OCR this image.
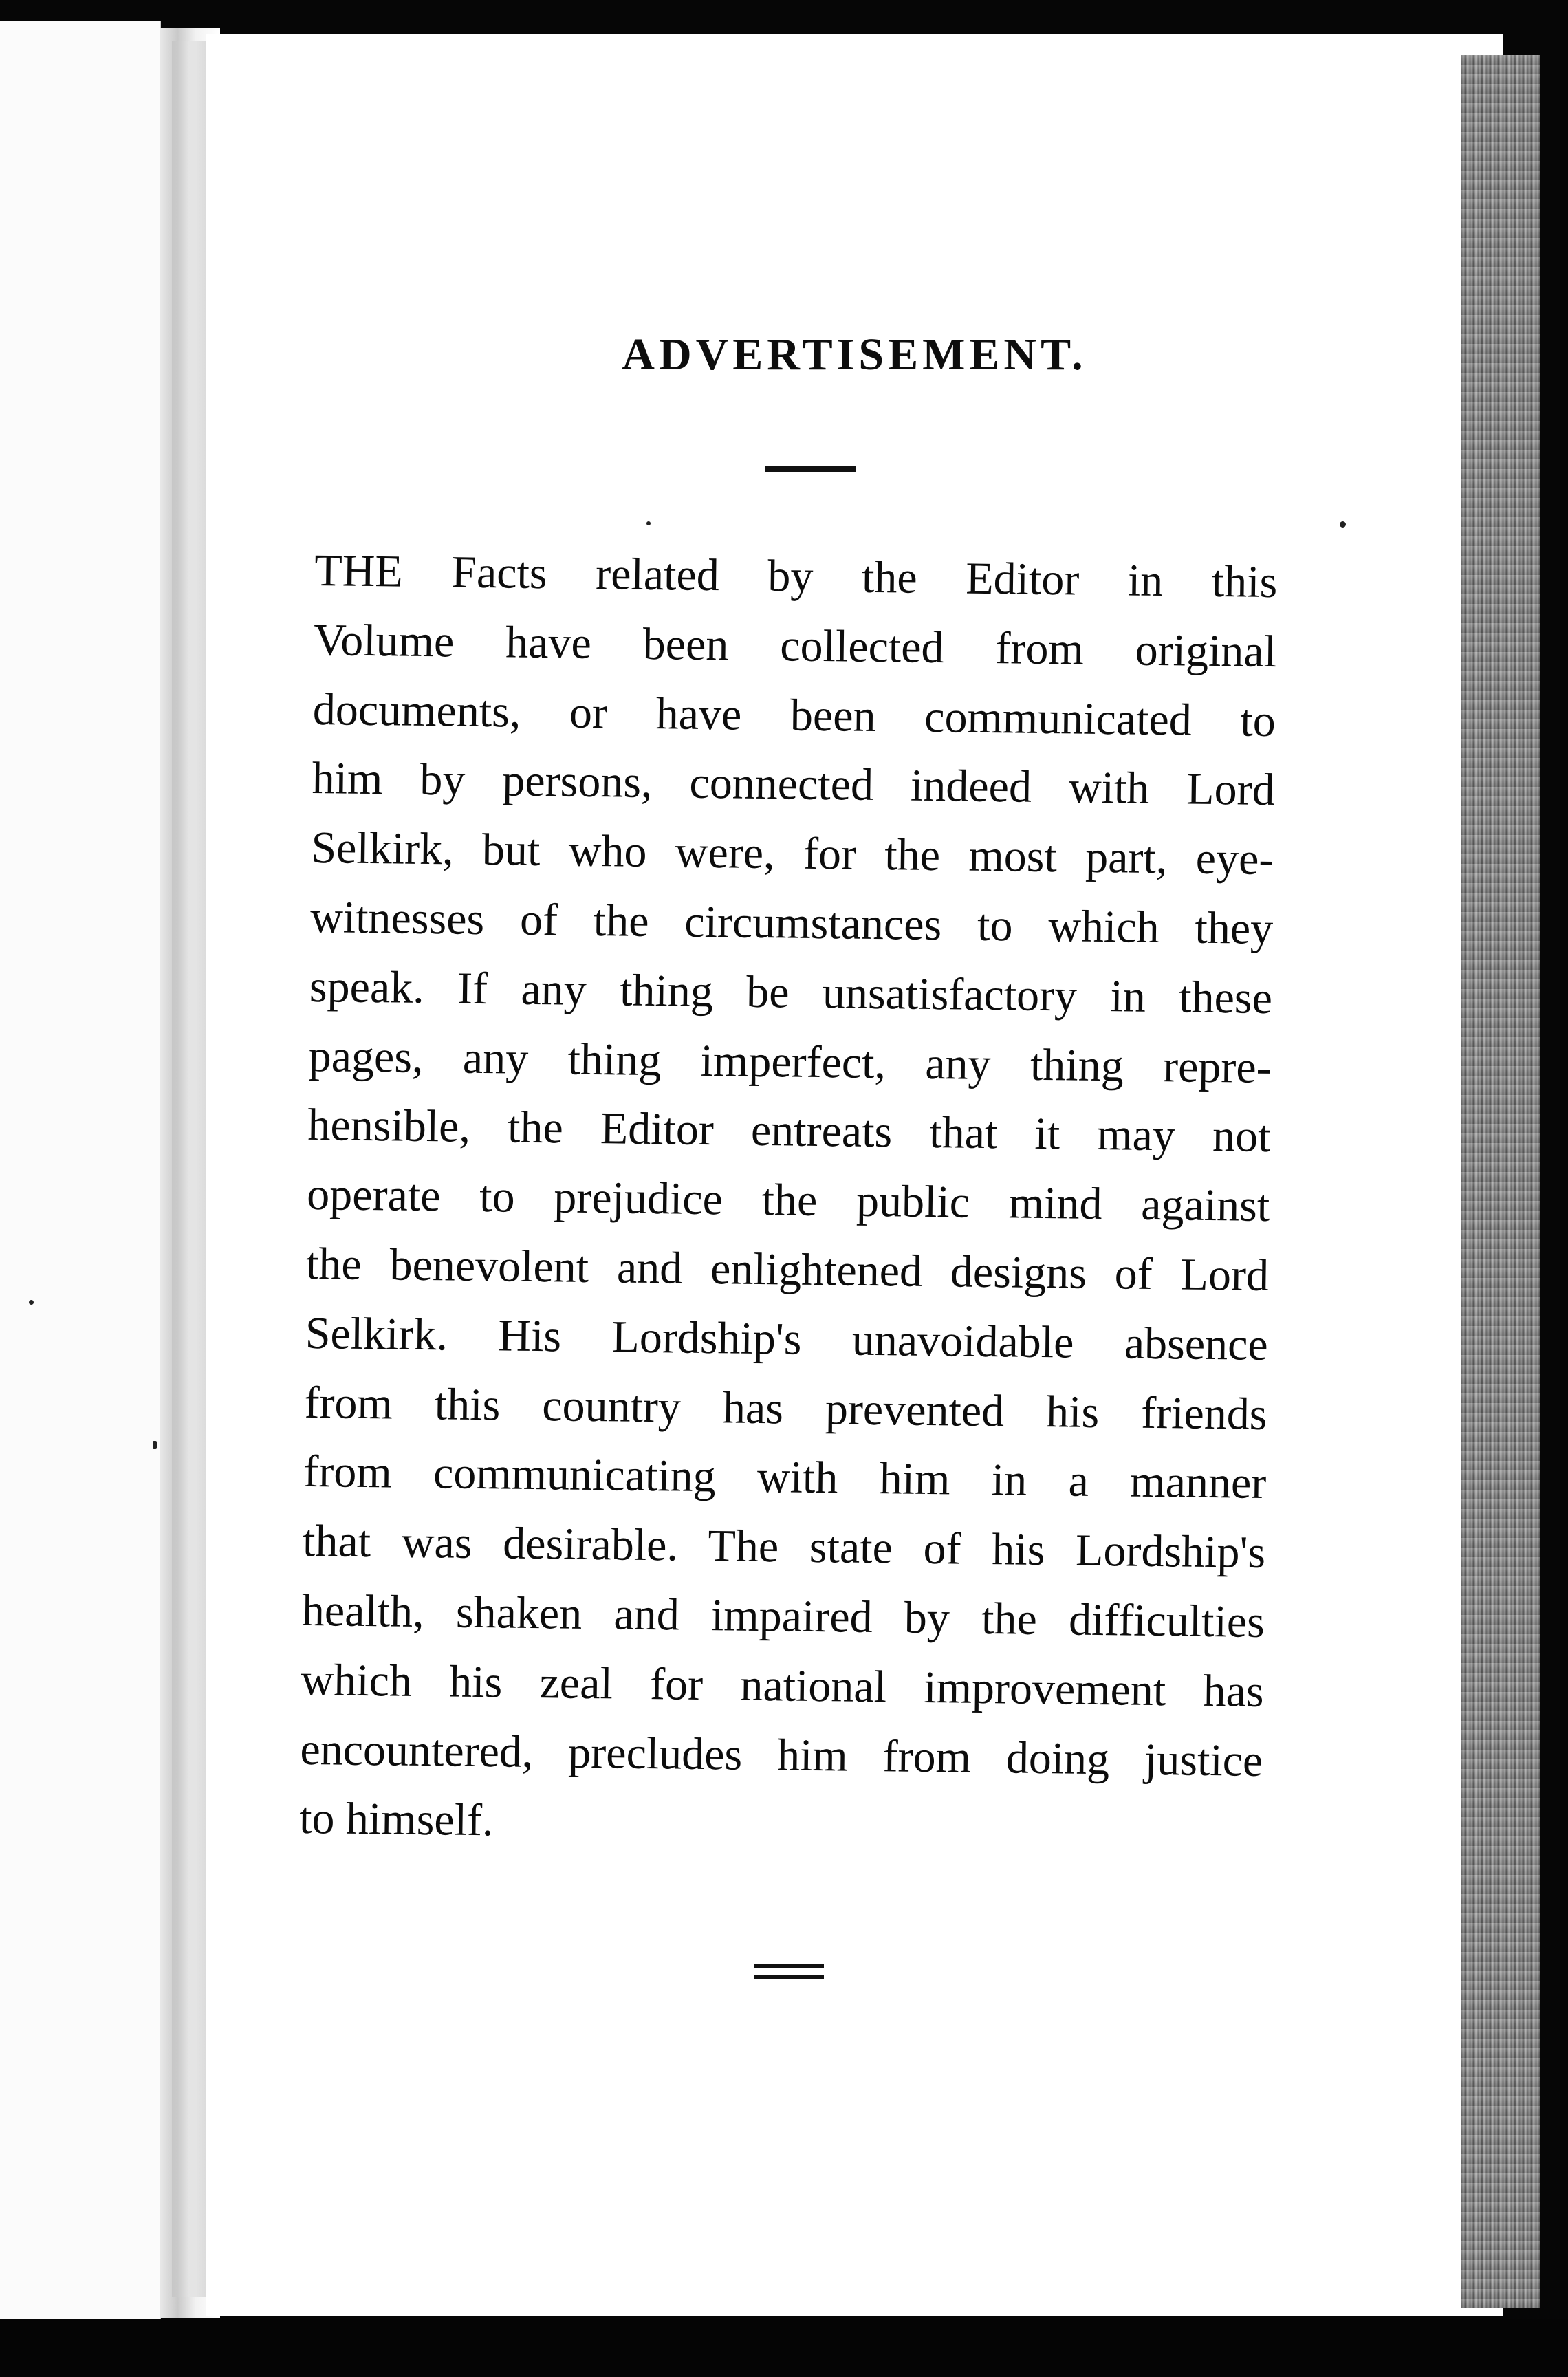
ADVERTISEMENT.
THE Facts related by the Editor in this
Volume have been collected from original
documents, or have been communicated to
him by persons, connected indeed with Lord
Selkirk, but who were, for the most part, eye-
witnesses of the circumstances to which they
speak. If any thing be unsatisfactory in these
pages, any thing imperfect, any thing repre-
hensible, the Editor entreats that it may not
operate to prejudice the public mind against
the benevolent and enlightened designs of Lord
Selkirk. His Lordship's unavoidable absence
from this country has prevented his friends
from communicating with him in a manner
that was desirable. The state of his Lordship's
health, shaken and impaired by the difficulties
which his zeal for national improvement has
encountered, precludes him from doing justice
to himself.
